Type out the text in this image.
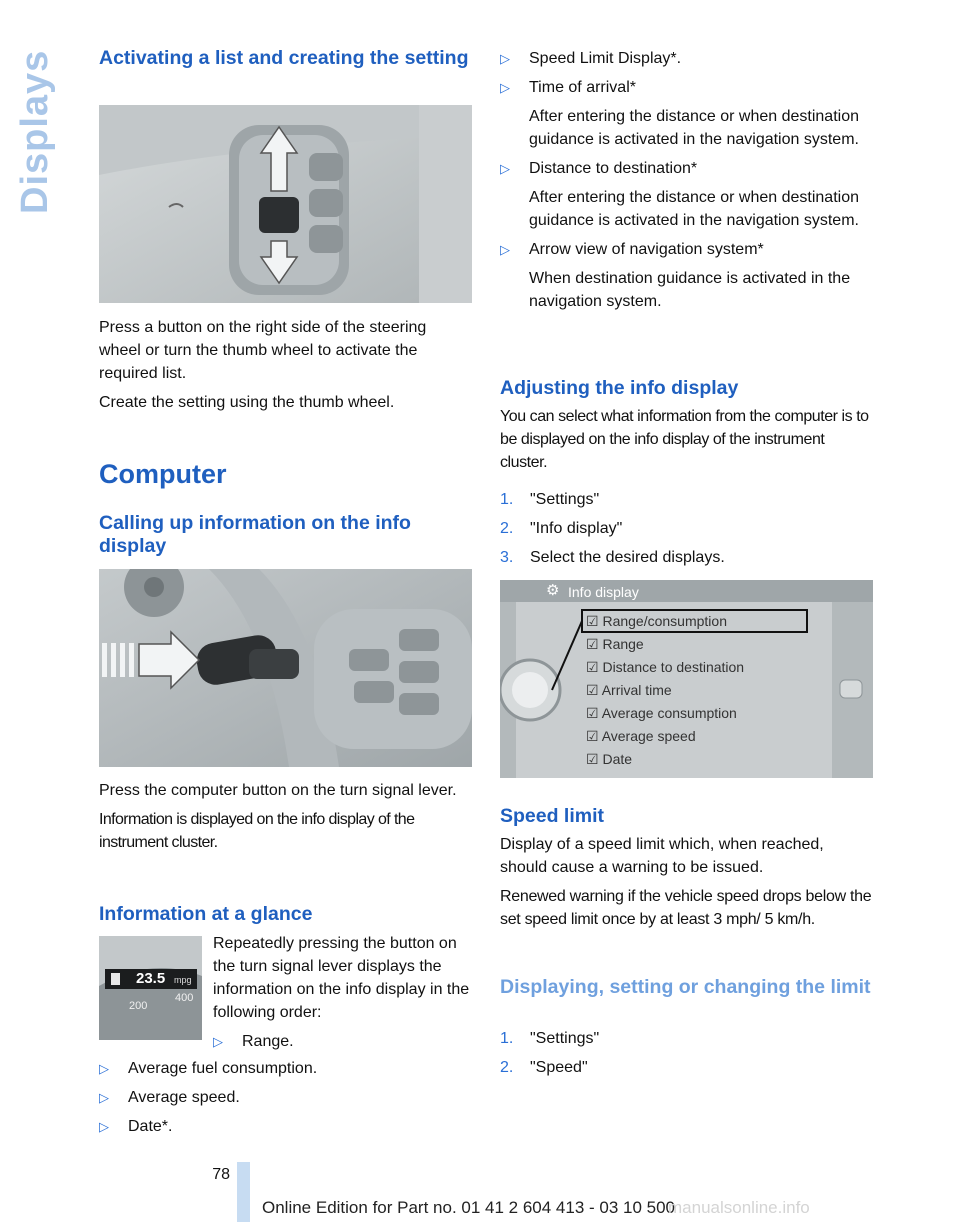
Displays Activating a list and creating the setting

Press a button on the right side of the steering wheel or turn the thumb wheel to activate the required list.

Create the setting using the thumb wheel.

Computer
Calling up information on the info display

Press the computer button on the turn signal lever.

Information is displayed on the info display of the instrument cluster.

Information at a glance
23.5 mpg
200
400

Repeatedly pressing the button on the turn signal lever displays the information on the info display in the following order:

▷ Range.
▷ Average fuel consumption.
▷ Average speed.
▷ Date*.
▷ Speed Limit Display*.
▷ Time of arrival*
After entering the distance or when destination guidance is activated in the navigation system.
▷ Distance to destination*
After entering the distance or when destination guidance is activated in the navigation system.
▷ Arrow view of navigation system*
When destination guidance is activated in the navigation system.
Adjusting the info display

You can select what information from the computer is to be displayed on the info display of the instrument cluster.

1. "Settings"
2. "Info display"
3. Select the desired displays.
⚙ Info display
☑ Range/consumption
☑ Range
☑ Distance to destination
☑ Arrival time
☑ Average consumption
☑ Average speed
☑ Date
Speed limit

Display of a speed limit which, when reached, should cause a warning to be issued.

Renewed warning if the vehicle speed drops below the set speed limit once by at least 3 mph/ 5 km/h.

Displaying, setting or changing the limit
1. "Settings"
2. "Speed"
78
Online Edition for Part no. 01 41 2 604 413 - 03 10 500
manualsonline.info
